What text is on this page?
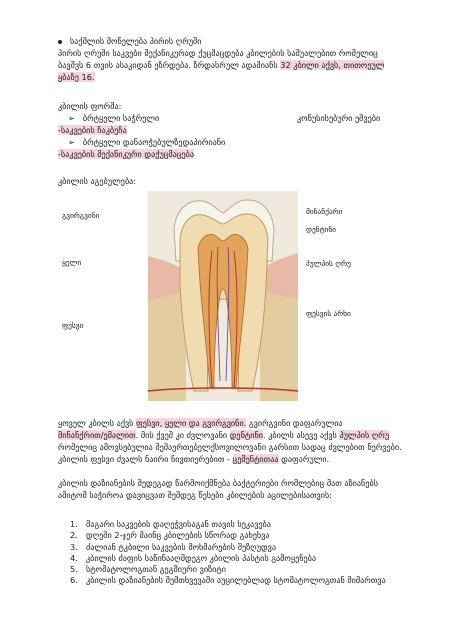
საქმლის მონელება პირის ღრუში
პირის ღრუში საკვები მექანიკურად ქუცმაცდება კბილების საშუალებით რომელიც
ბავშვს 6 თვის ასაკიდან ეზრდება. ზრდასრულ ადამიანს 32 კბილი აქვს, თითოეულ
ყბაზე 16.
კბილის ფორმა:
➢ ბრტყელი საჭრელი	კონუსისებური ეშვები
-საკვების ჩაკბეჩა
➢ ბრტყელი დანაოჭებულზედაპირიანი
-საკვების მექანიკური დაქუცმაცება
კბილის აგებულება:
გვირგვინი
ყელი
ფესვი
მინანქარი
დენტინი
პულპის ღრუ
ფესვის არხი
ყოველ კბილს აქვს ფესვი, ყელი და გვირგვინი. გვირგვინი დაფარულია
მინანქრით/ემალით. მის ქვეშ კი ძვლოვანი დენტინი. კბილს ასევე აქვს პულპის ღრუ
რომელიც ამოვსებულია შემაერთებელქსოვილოვანი გარსით სადაც ძვლებით ნერვები.
კბილის ფესვი ძვალს ნაირი ნივთიერებით - ცემენტითაა დაფარული.
კბილის დაზიანების შედეგად წარმოიქმნება ბაქტერიები რომლებიც მათ აზიანებს
ამიტომ საჭიროა დავიცვათ შემდეგ წესები კბილების აცილებისათვის:
1. მაგარი საკვების დაღეჭვისაგან თავის სეკავება
2. დღეში 2-ჯერ მაინც კბილების სწორად გახეხვა
3. ძალიან ტკბილი საკვების მოხმარების შეზღუდვა
4. კბილის ძაფის საწინააღმდეგო კბილის პასტის გამოყენება
5. სტომატოლოგთან გეგმიური ვიზიტი
6. კბილის დაზიანების შემთხვევაში აუცილებლად სტომატოლოგთან მიმართვა
